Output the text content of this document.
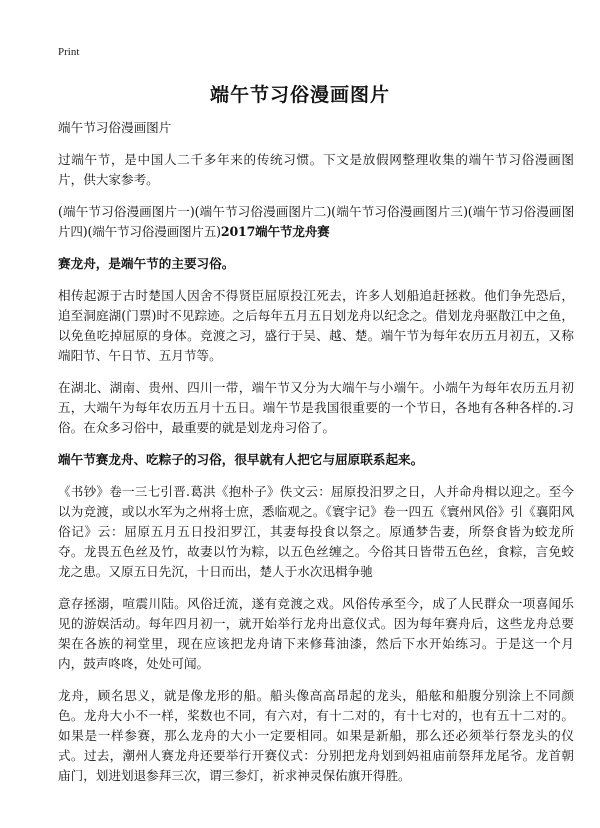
Print
端午节习俗漫画图片

端午节习俗漫画图片

过端午节，是中国人二千多年来的传统习惯。下文是放假网整理收集的端午节习俗漫画图片，供大家参考。

(端午节习俗漫画图片一)(端午节习俗漫画图片二)(端午节习俗漫画图片三)(端午节习俗漫画图片四)(端午节习俗漫画图片五)2017端午节龙舟赛

赛龙舟，是端午节的主要习俗。

相传起源于古时楚国人因舍不得贤臣屈原投江死去，许多人划船追赶拯救。他们争先恐后，追至洞庭湖(门票)时不见踪迹。之后每年五月五日划龙舟以纪念之。借划龙舟驱散江中之鱼，以免鱼吃掉屈原的身体。竞渡之习，盛行于吴、越、楚。端午节为每年农历五月初五，又称端阳节、午日节、五月节等。

在湖北、湖南、贵州、四川一带，端午节又分为大端午与小端午。小端午为每年农历五月初五，大端午为每年农历五月十五日。端午节是我国很重要的一个节日，各地有各种各样的.习俗。在众多习俗中，最重要的就是划龙舟习俗了。

端午节赛龙舟、吃粽子的习俗，很早就有人把它与屈原联系起来。

《书钞》卷一三七引晋.葛洪《抱朴子》佚文云：屈原投汨罗之日，人并命舟楫以迎之。至今以为竞渡，或以水军为之州将士庶，悉临观之。《寰宇记》卷一四五《寰州风俗》引《襄阳风俗记》云：屈原五月五日投汨罗江，其妻每投食以祭之。原通梦告妻，所祭食皆为蛟龙所夺。龙畏五色丝及竹，故妻以竹为粽，以五色丝缠之。今俗其日皆带五色丝，食粽，言免蛟龙之患。又原五日先沉，十日而出，楚人于水次迅楫争驰

意存拯溺，喧震川陆。风俗迁流，遂有竞渡之戏。风俗传承至今，成了人民群众一项喜闻乐见的游娱活动。每年四月初一，就开始举行龙舟出意仪式。因为每年赛舟后，这些龙舟总要架在各族的祠堂里，现在应该把龙舟请下来修葺油漆，然后下水开始练习。于是这一个月内，鼓声咚咚，处处可闻。

龙舟，顾名思义，就是像龙形的船。船头像高高昂起的龙头，船舷和船腹分别涂上不同颜色。龙舟大小不一样，桨数也不同，有六对，有十二对的，有十七对的，也有五十二对的。如果是一样参赛，那么龙舟的大小一定要相同。如果是新船，那么还必须举行祭龙头的仪式。过去，潮州人赛龙舟还要举行开赛仪式：分别把龙舟划到妈祖庙前祭拜龙尾爷。龙首朝庙门，划进划退参拜三次，谓三参灯，祈求神灵保佑旗开得胜。
